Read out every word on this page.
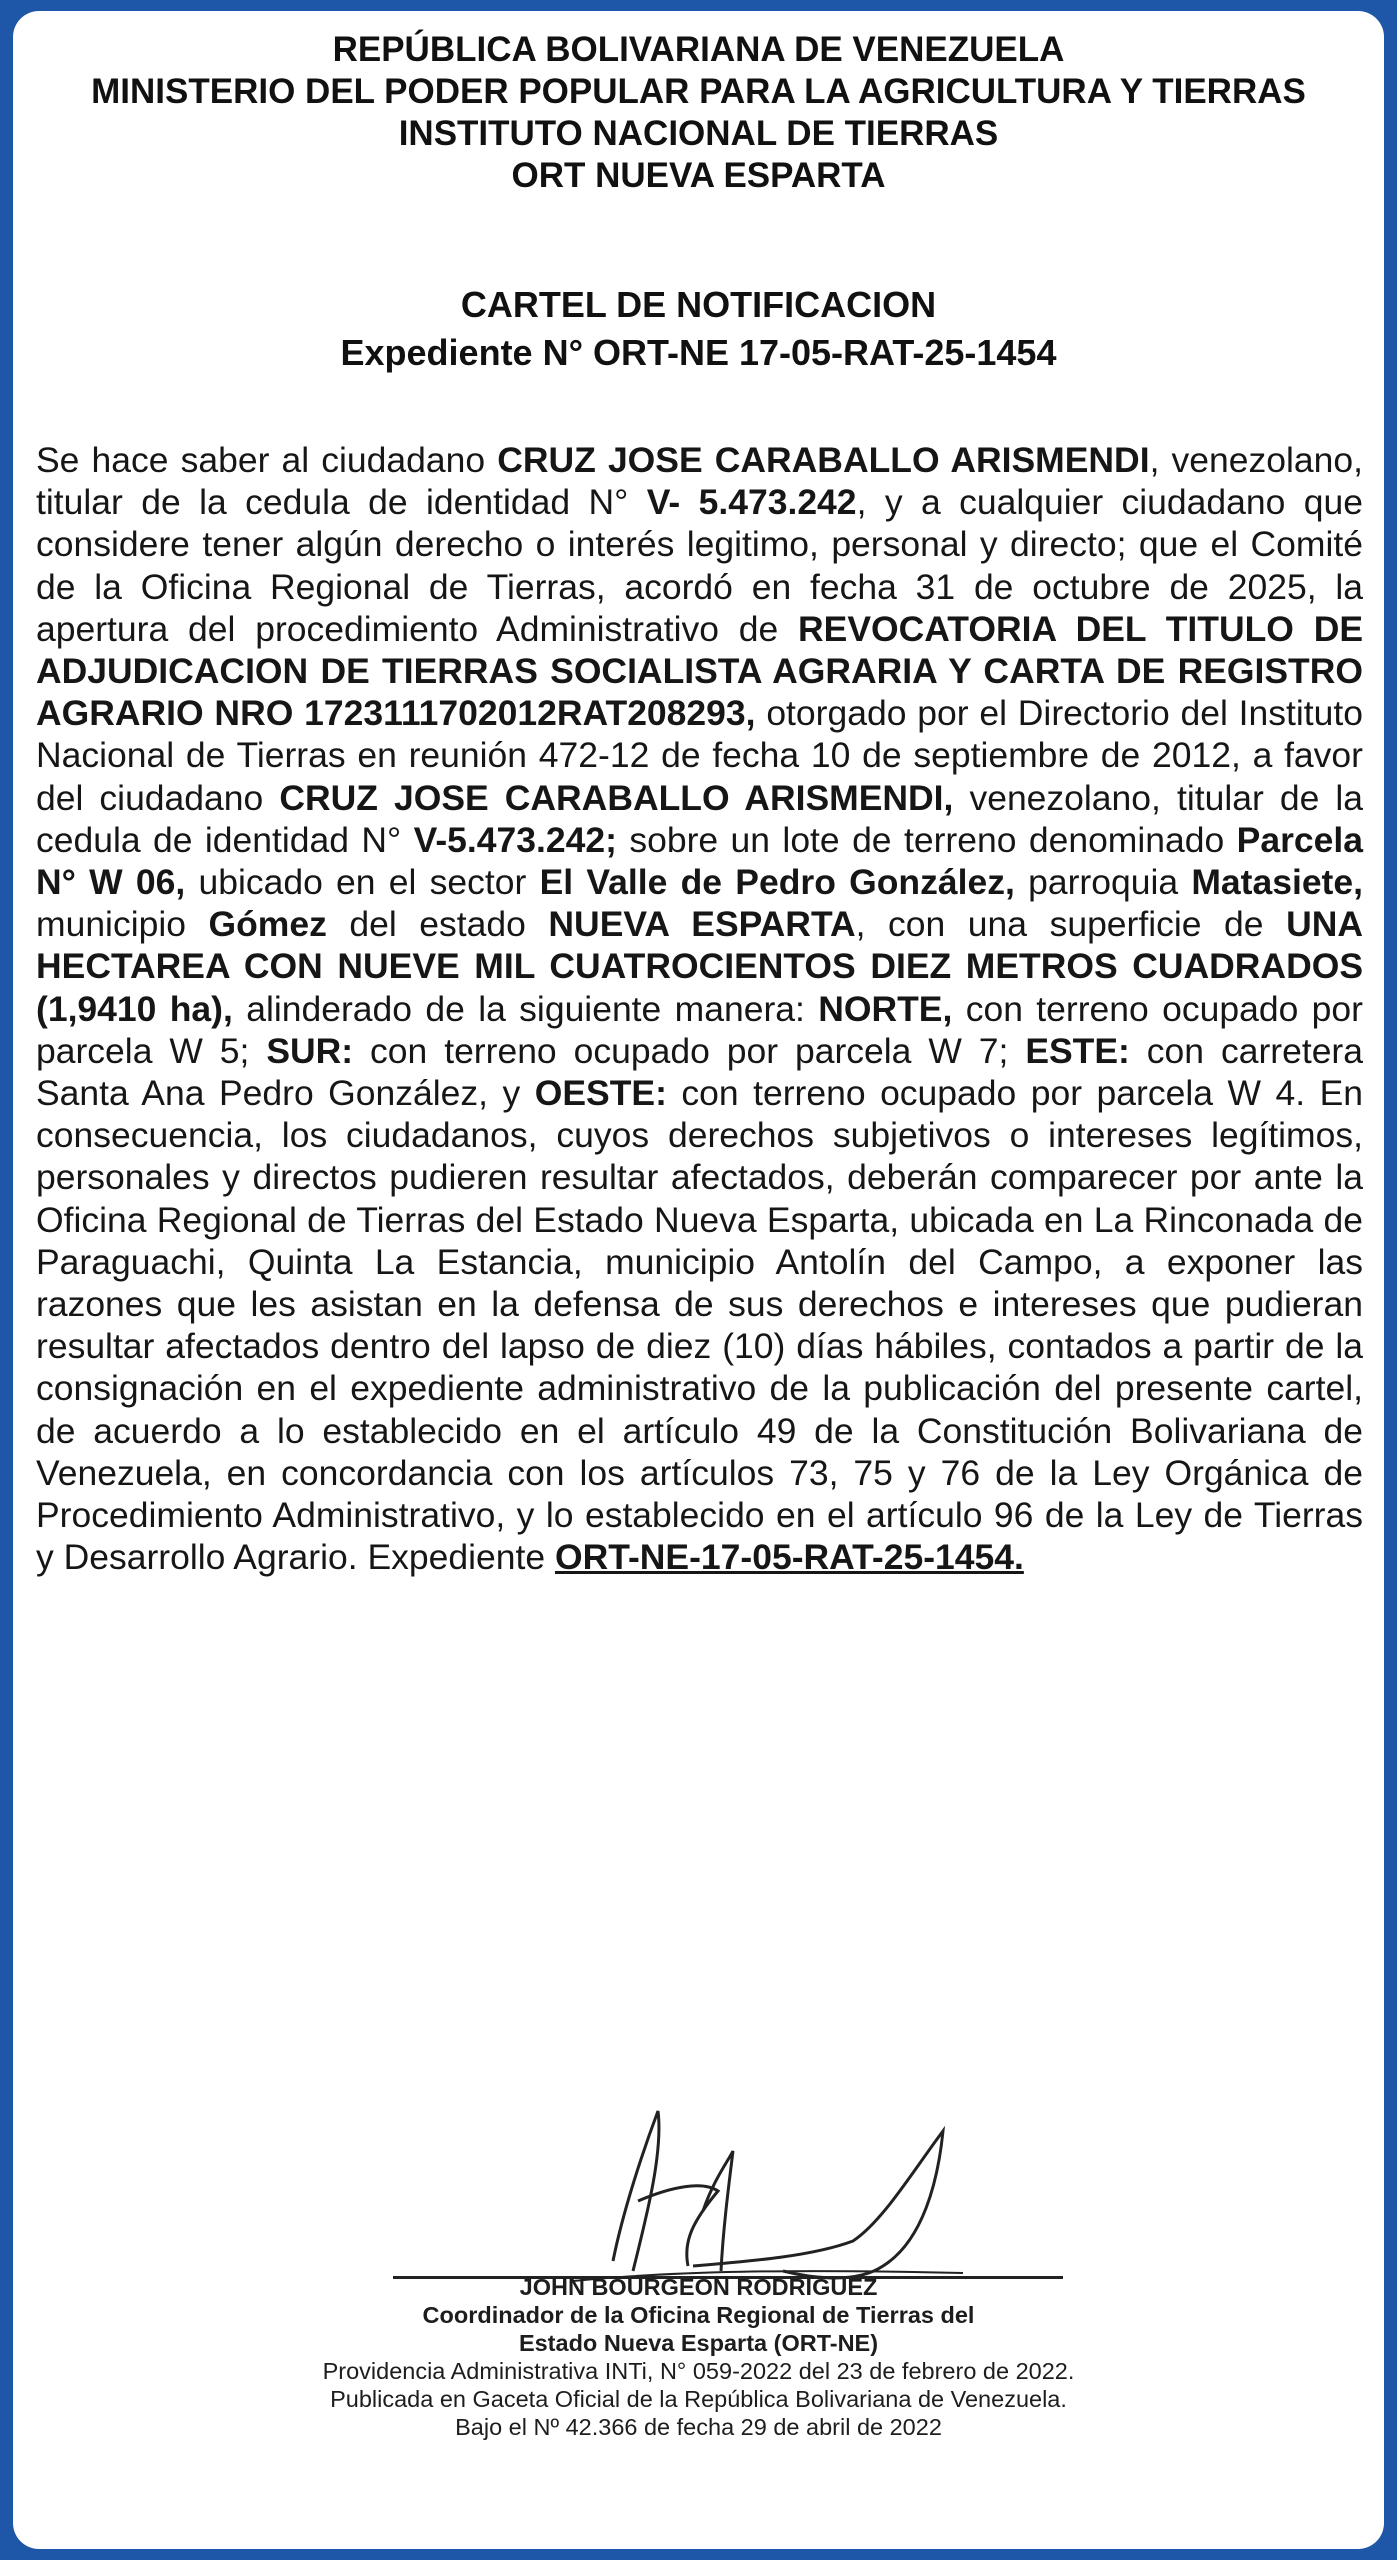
REPÚBLICA BOLIVARIANA DE VENEZUELA
MINISTERIO DEL PODER POPULAR PARA LA AGRICULTURA Y TIERRAS
INSTITUTO NACIONAL DE TIERRAS
ORT NUEVA ESPARTA
CARTEL DE NOTIFICACION
Expediente N° ORT-NE 17-05-RAT-25-1454
Se hace saber al ciudadano CRUZ JOSE CARABALLO ARISMENDI, venezolano, titular de la cedula de identidad N° V- 5.473.242, y a cualquier ciudadano que considere tener algún derecho o interés legitimo, personal y directo; que el Comité de la Oficina Regional de Tierras, acordó en fecha 31 de octubre de 2025, la apertura del procedimiento Administrativo de REVOCATORIA DEL TITULO DE ADJUDICACION DE TIERRAS SOCIALISTA AGRARIA Y CARTA DE REGISTRO AGRARIO NRO 1723111702012RAT208293, otorgado por el Directorio del Instituto Nacional de Tierras en reunión 472-12 de fecha 10 de septiembre de 2012, a favor del ciudadano CRUZ JOSE CARABALLO ARISMENDI, venezolano, titular de la cedula de identidad N° V-5.473.242; sobre un lote de terreno denominado Parcela N° W 06, ubicado en el sector El Valle de Pedro González, parroquia Matasiete, municipio Gómez del estado NUEVA ESPARTA, con una superficie de UNA HECTAREA CON NUEVE MIL CUATROCIENTOS DIEZ METROS CUADRADOS (1,9410 ha), alinderado de la siguiente manera: NORTE, con terreno ocupado por parcela W 5; SUR: con terreno ocupado por parcela W 7; ESTE: con carretera Santa Ana Pedro González, y OESTE: con terreno ocupado por parcela W 4. En consecuencia, los ciudadanos, cuyos derechos subjetivos o intereses legítimos, personales y directos pudieren resultar afectados, deberán comparecer por ante la Oficina Regional de Tierras del Estado Nueva Esparta, ubicada en La Rinconada de Paraguachi, Quinta La Estancia, municipio Antolín del Campo, a exponer las razones que les asistan en la defensa de sus derechos e intereses que pudieran resultar afectados dentro del lapso de diez (10) días hábiles, contados a partir de la consignación en el expediente administrativo de la publicación del presente cartel, de acuerdo a lo establecido en el artículo 49 de la Constitución Bolivariana de Venezuela, en concordancia con los artículos 73, 75 y 76 de la Ley Orgánica de Procedimiento Administrativo, y lo establecido en el artículo 96 de la Ley de Tierras y Desarrollo Agrario. Expediente ORT-NE-17-05-RAT-25-1454.
JOHN BOURGEON RODRIGUEZ
Coordinador de la Oficina Regional de Tierras del
Estado Nueva Esparta (ORT-NE)
Providencia Administrativa INTi, N° 059-2022 del 23 de febrero de 2022.
Publicada en Gaceta Oficial de la República Bolivariana de Venezuela.
Bajo el Nº 42.366 de fecha 29 de abril de 2022
